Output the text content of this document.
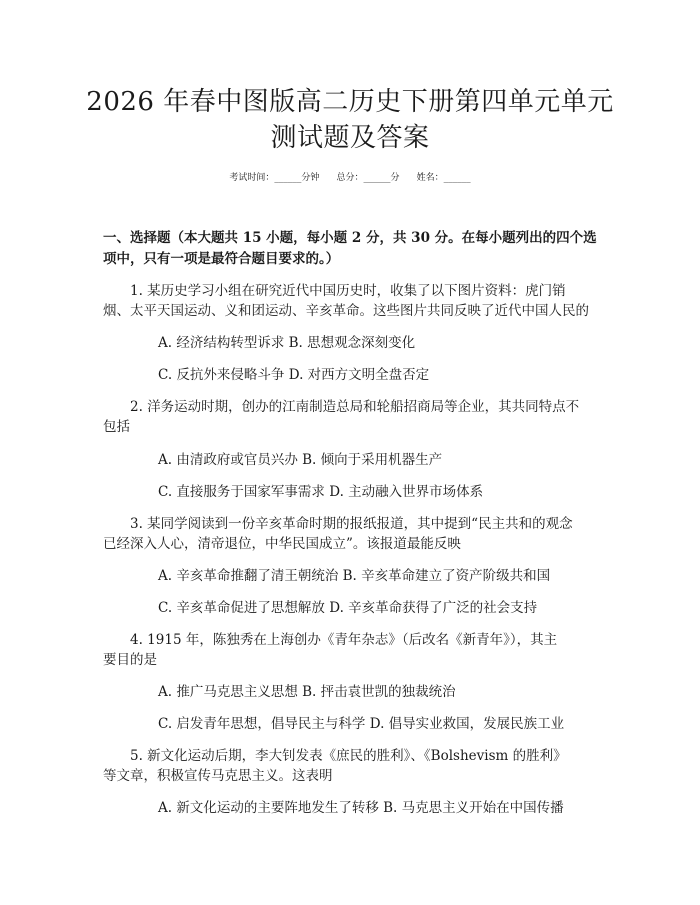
2026 年春中图版高二历史下册第四单元单元
测试题及答案
考试时间：______分钟      总分：______分      姓名：______
一、选择题（本大题共 15 小题，每小题 2 分，共 30 分。在每小题列出的四个选
项中，只有一项是最符合题目要求的。）
1. 某历史学习小组在研究近代中国历史时，收集了以下图片资料：虎门销
烟、太平天国运动、义和团运动、辛亥革命。这些图片共同反映了近代中国人民的
A. 经济结构转型诉求 B. 思想观念深刻变化
C. 反抗外来侵略斗争 D. 对西方文明全盘否定
2. 洋务运动时期，创办的江南制造总局和轮船招商局等企业，其共同特点不
包括
A. 由清政府或官员兴办 B. 倾向于采用机器生产
C. 直接服务于国家军事需求 D. 主动融入世界市场体系
3. 某同学阅读到一份辛亥革命时期的报纸报道，其中提到“民主共和的观念
已经深入人心，清帝退位，中华民国成立”。该报道最能反映
A. 辛亥革命推翻了清王朝统治 B. 辛亥革命建立了资产阶级共和国
C. 辛亥革命促进了思想解放 D. 辛亥革命获得了广泛的社会支持
4. 1915 年，陈独秀在上海创办《青年杂志》（后改名《新青年》），其主
要目的是
A. 推广马克思主义思想 B. 抨击袁世凯的独裁统治
C. 启发青年思想，倡导民主与科学 D. 倡导实业救国，发展民族工业
5. 新文化运动后期，李大钊发表《庶民的胜利》、《Bolshevism 的胜利》
等文章，积极宣传马克思主义。这表明
A. 新文化运动的主要阵地发生了转移 B. 马克思主义开始在中国传播
